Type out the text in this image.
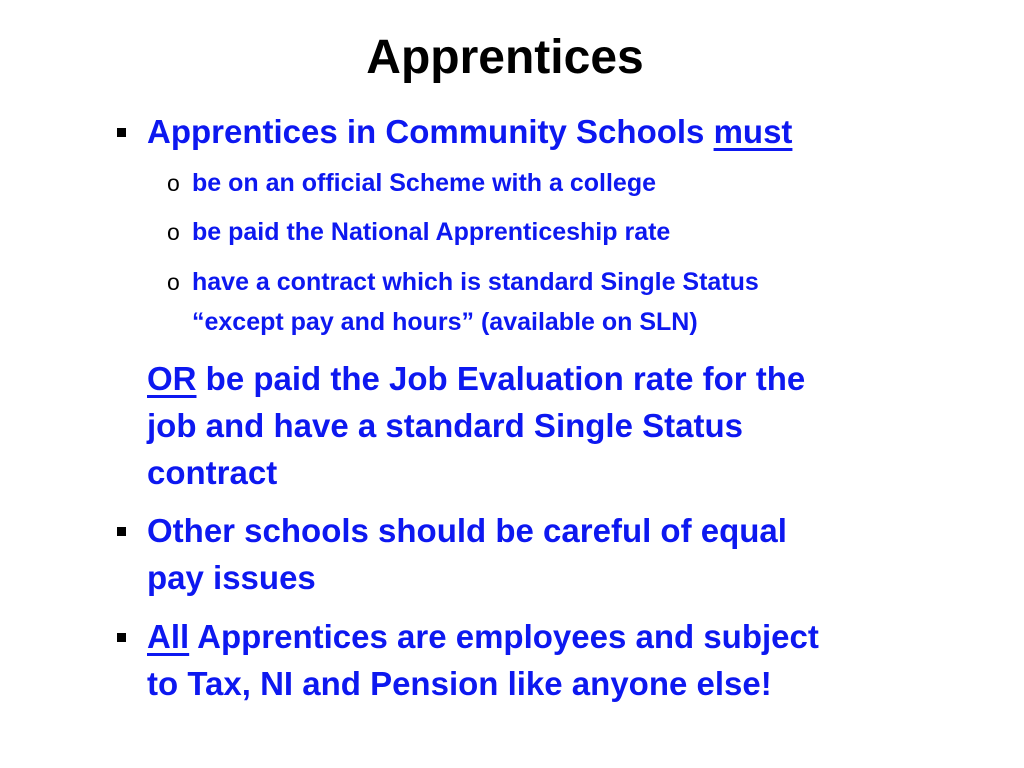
Apprentices
Apprentices in Community Schools must
o be on an official Scheme with a college
o be paid the National Apprenticeship rate
o have a contract which is standard Single Status
“except pay and hours” (available on SLN)
OR be paid the Job Evaluation rate for the
job and have a standard Single Status
contract
Other schools should be careful of equal
pay issues
All Apprentices are employees and subject
to Tax, NI and Pension like anyone else!
